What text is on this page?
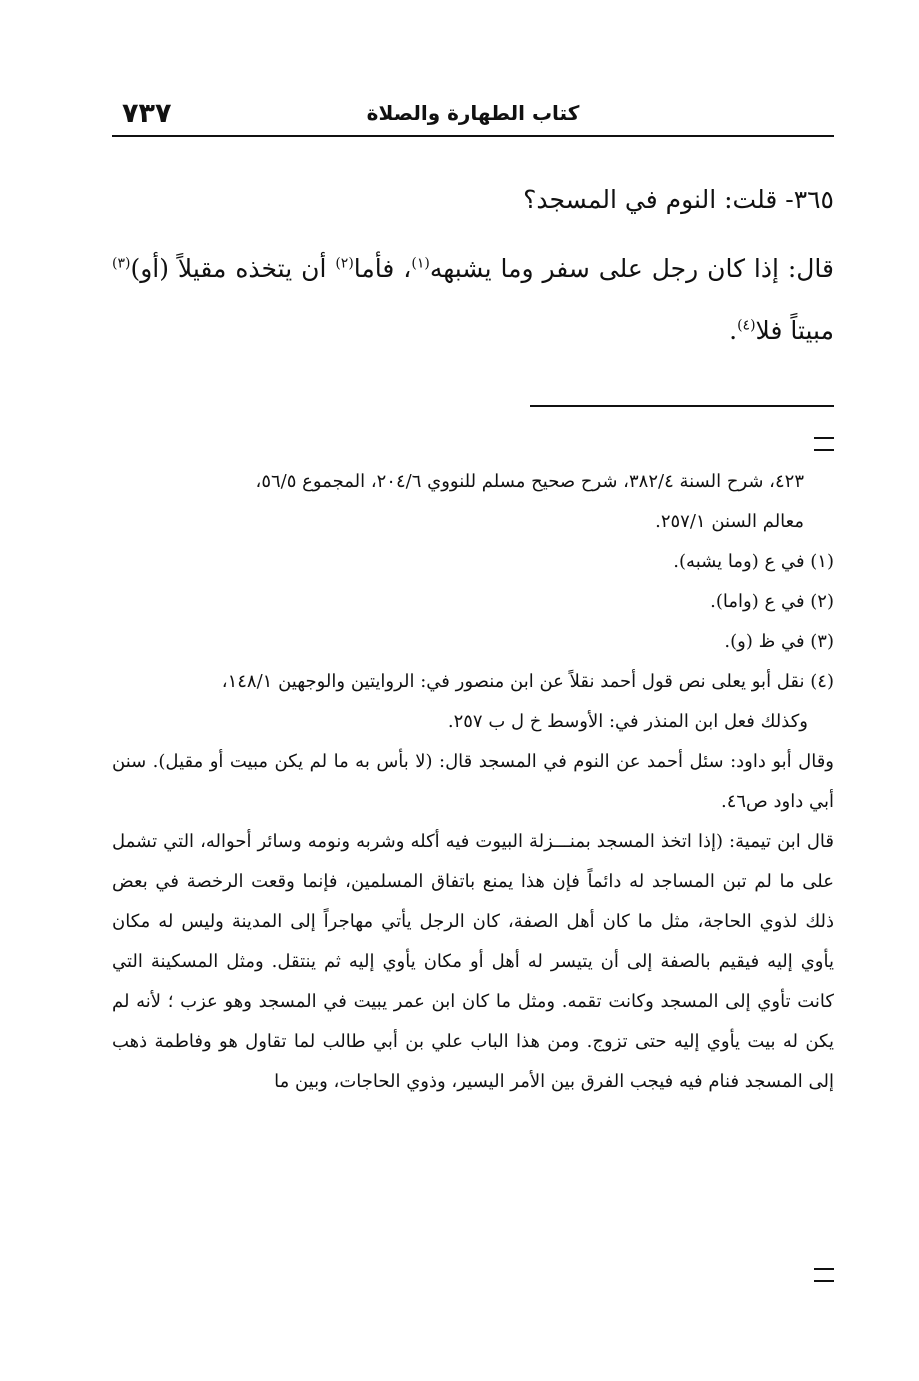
٧٣٧	كتاب الطهارة والصلاة

٣٦٥- قلت: النوم في المسجد؟

قال: إذا كان رجل على سفر وما يشبهه$^{(١)}$، فأما$^{(٢)}$ أن يتخذه مقيلاً (أو)$^{(٣)}$ مبيتاً فلا$^{(٤)}$.

٤٢٣، شرح السنة ٣٨٢/٤، شرح صحيح مسلم للنووي ٢٠٤/٦، المجموع ٥٦/٥،
معالم السنن ٢٥٧/١.

(١) في ع (وما يشبه).

(٢) في ع (واما).

(٣) في ظ (و).

(٤) نقل أبو يعلى نص قول أحمد نقلاً عن ابن منصور في: الروايتين والوجهين ١٤٨/١،
وكذلك فعل ابن المنذر في: الأوسط خ ل ب ٢٥٧.

وقال أبو داود: سئل أحمد عن النوم في المسجد قال: (لا بأس به ما لم يكن مبيت أو مقيل). سنن أبي داود ص٤٦.

قال ابن تيمية: (إذا اتخذ المسجد بمنـــزلة البيوت فيه أكله وشربه ونومه وسائر أحواله، التي تشمل على ما لم تبن المساجد له دائماً فإن هذا يمنع باتفاق المسلمين، فإنما وقعت الرخصة في بعض ذلك لذوي الحاجة، مثل ما كان أهل الصفة، كان الرجل يأتي مهاجراً إلى المدينة وليس له مكان يأوي إليه فيقيم بالصفة إلى أن يتيسر له أهل أو مكان يأوي إليه ثم ينتقل. ومثل المسكينة التي كانت تأوي إلى المسجد وكانت تقمه. ومثل ما كان ابن عمر يبيت في المسجد وهو عزب ؛ لأنه لم يكن له بيت يأوي إليه حتى تزوج. ومن هذا الباب علي بن أبي طالب لما تقاول هو وفاطمة ذهب إلى المسجد فنام فيه فيجب الفرق بين الأمر اليسير، وذوي الحاجات، وبين ما
